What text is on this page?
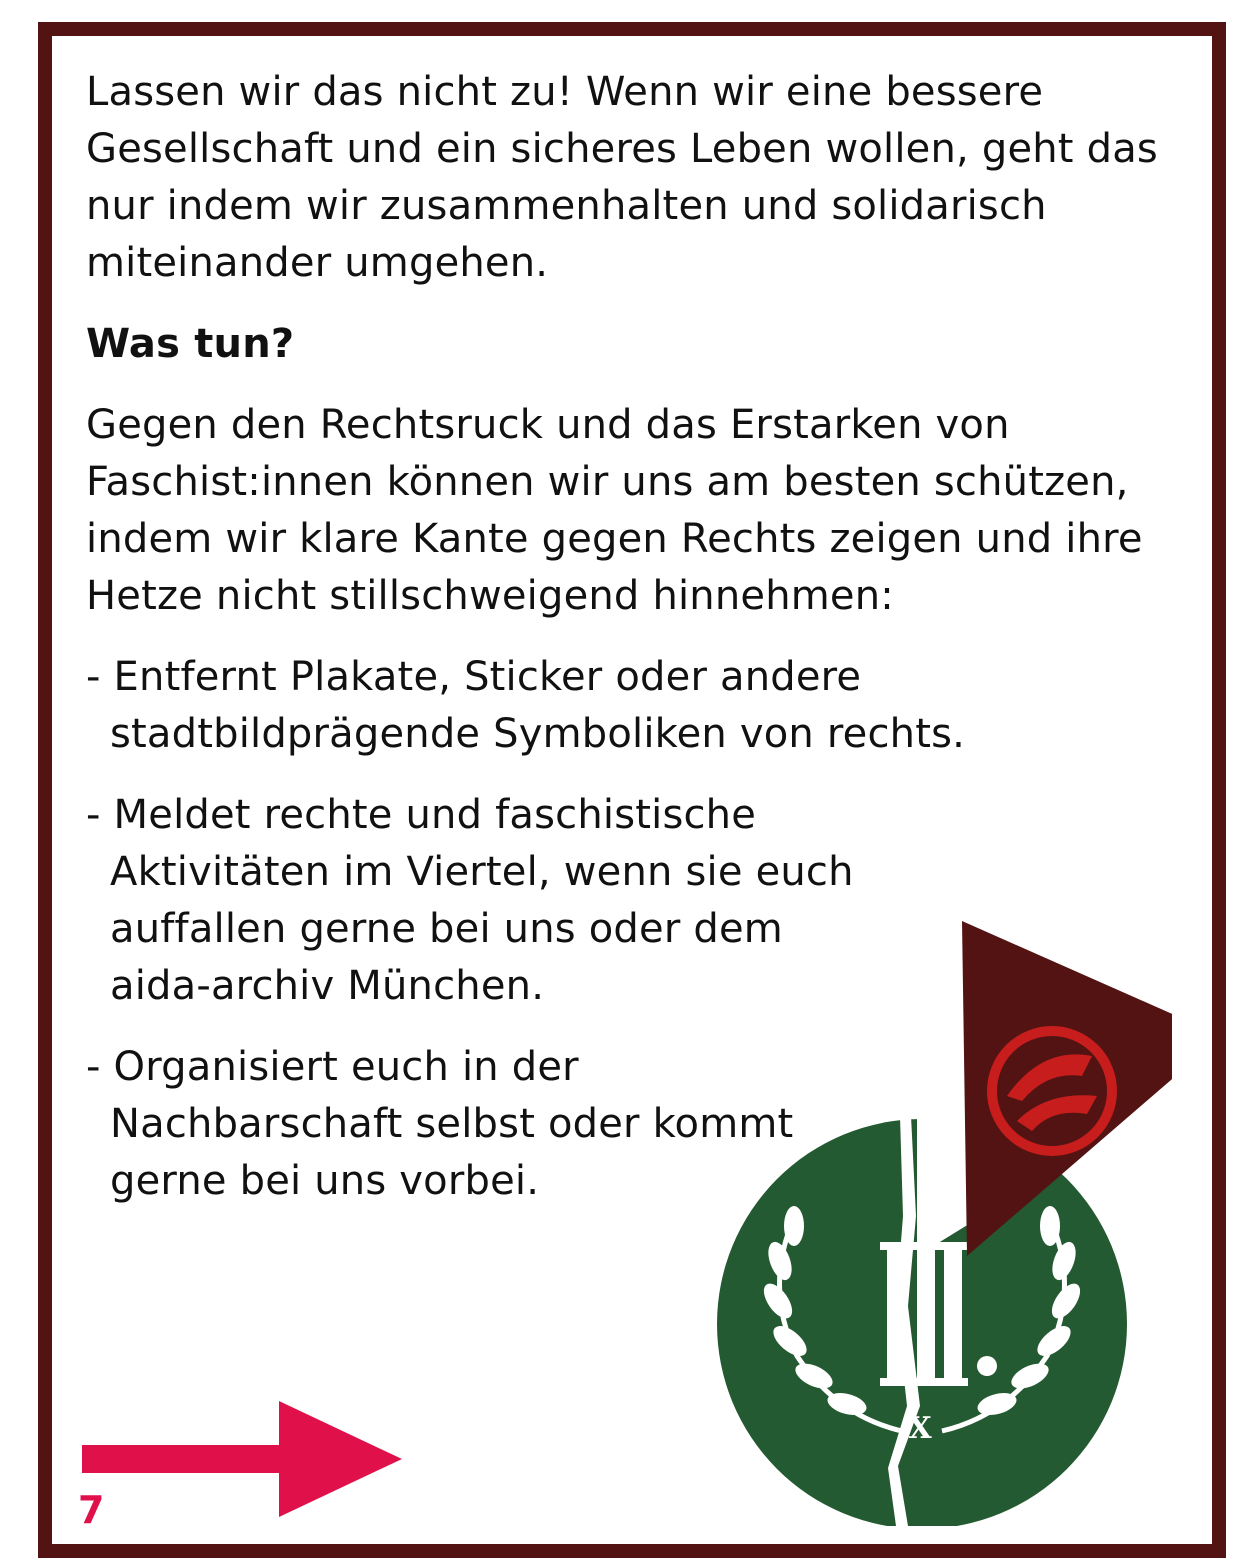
Lassen wir das nicht zu! Wenn wir eine bessere Gesellschaft und ein sicheres Leben wollen, geht das nur indem wir zusammenhalten und solidarisch miteinander umgehen.

Was tun?

Gegen den Rechtsruck und das Erstarken von Faschist:innen können wir uns am besten schützen, indem wir klare Kante gegen Rechts zeigen und ihre Hetze nicht stillschweigend hinnehmen:

- Entfernt Plakate, Sticker oder andere stadtbildprägende Symboliken von rechts.

- Meldet rechte und faschistische Aktivitäten im Viertel, wenn sie euch auffallen gerne bei uns oder dem aida-archiv München.

- Organisiert euch in der Nachbarschaft selbst oder kommt gerne bei uns vorbei.

7
X
